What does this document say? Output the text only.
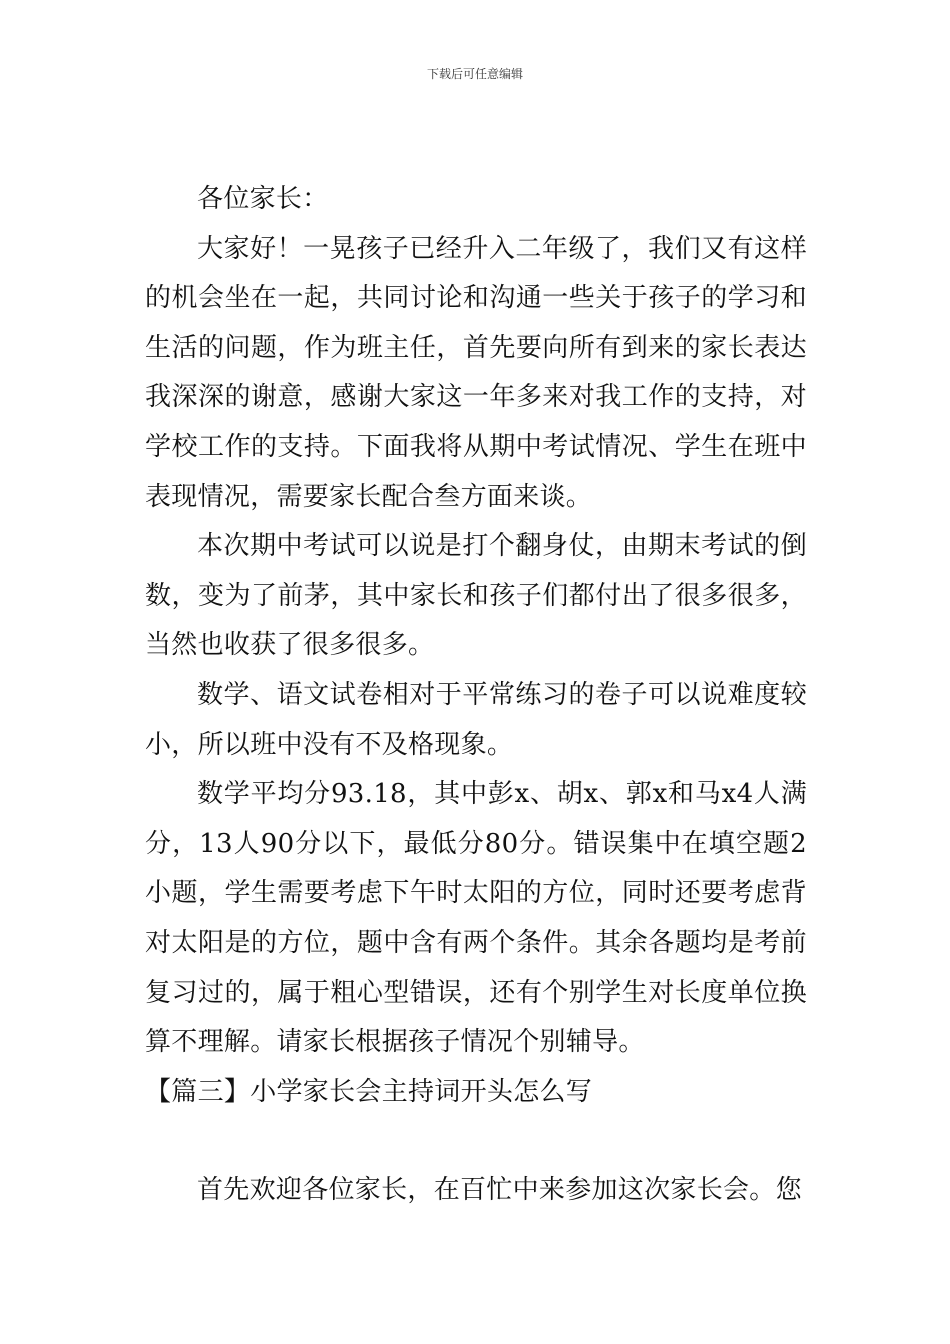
下载后可任意编辑

各位家长：

大家好！一晃孩子已经升入二年级了，我们又有这样的机会坐在一起，共同讨论和沟通一些关于孩子的学习和生活的问题，作为班主任，首先要向所有到来的家长表达我深深的谢意，感谢大家这一年多来对我工作的支持，对学校工作的支持。下面我将从期中考试情况、学生在班中表现情况，需要家长配合叁方面来谈。

本次期中考试可以说是打个翻身仗，由期末考试的倒数，变为了前茅，其中家长和孩子们都付出了很多很多，当然也收获了很多很多。

数学、语文试卷相对于平常练习的卷子可以说难度较小，所以班中没有不及格现象。

数学平均分93.18，其中彭x、胡x、郭x和马x4人满分，13人90分以下，最低分80分。错误集中在填空题2小题，学生需要考虑下午时太阳的方位，同时还要考虑背对太阳是的方位，题中含有两个条件。其余各题均是考前复习过的，属于粗心型错误，还有个别学生对长度单位换算不理解。请家长根据孩子情况个别辅导。

【篇三】小学家长会主持词开头怎么写

首先欢迎各位家长，在百忙中来参加这次家长会。您
